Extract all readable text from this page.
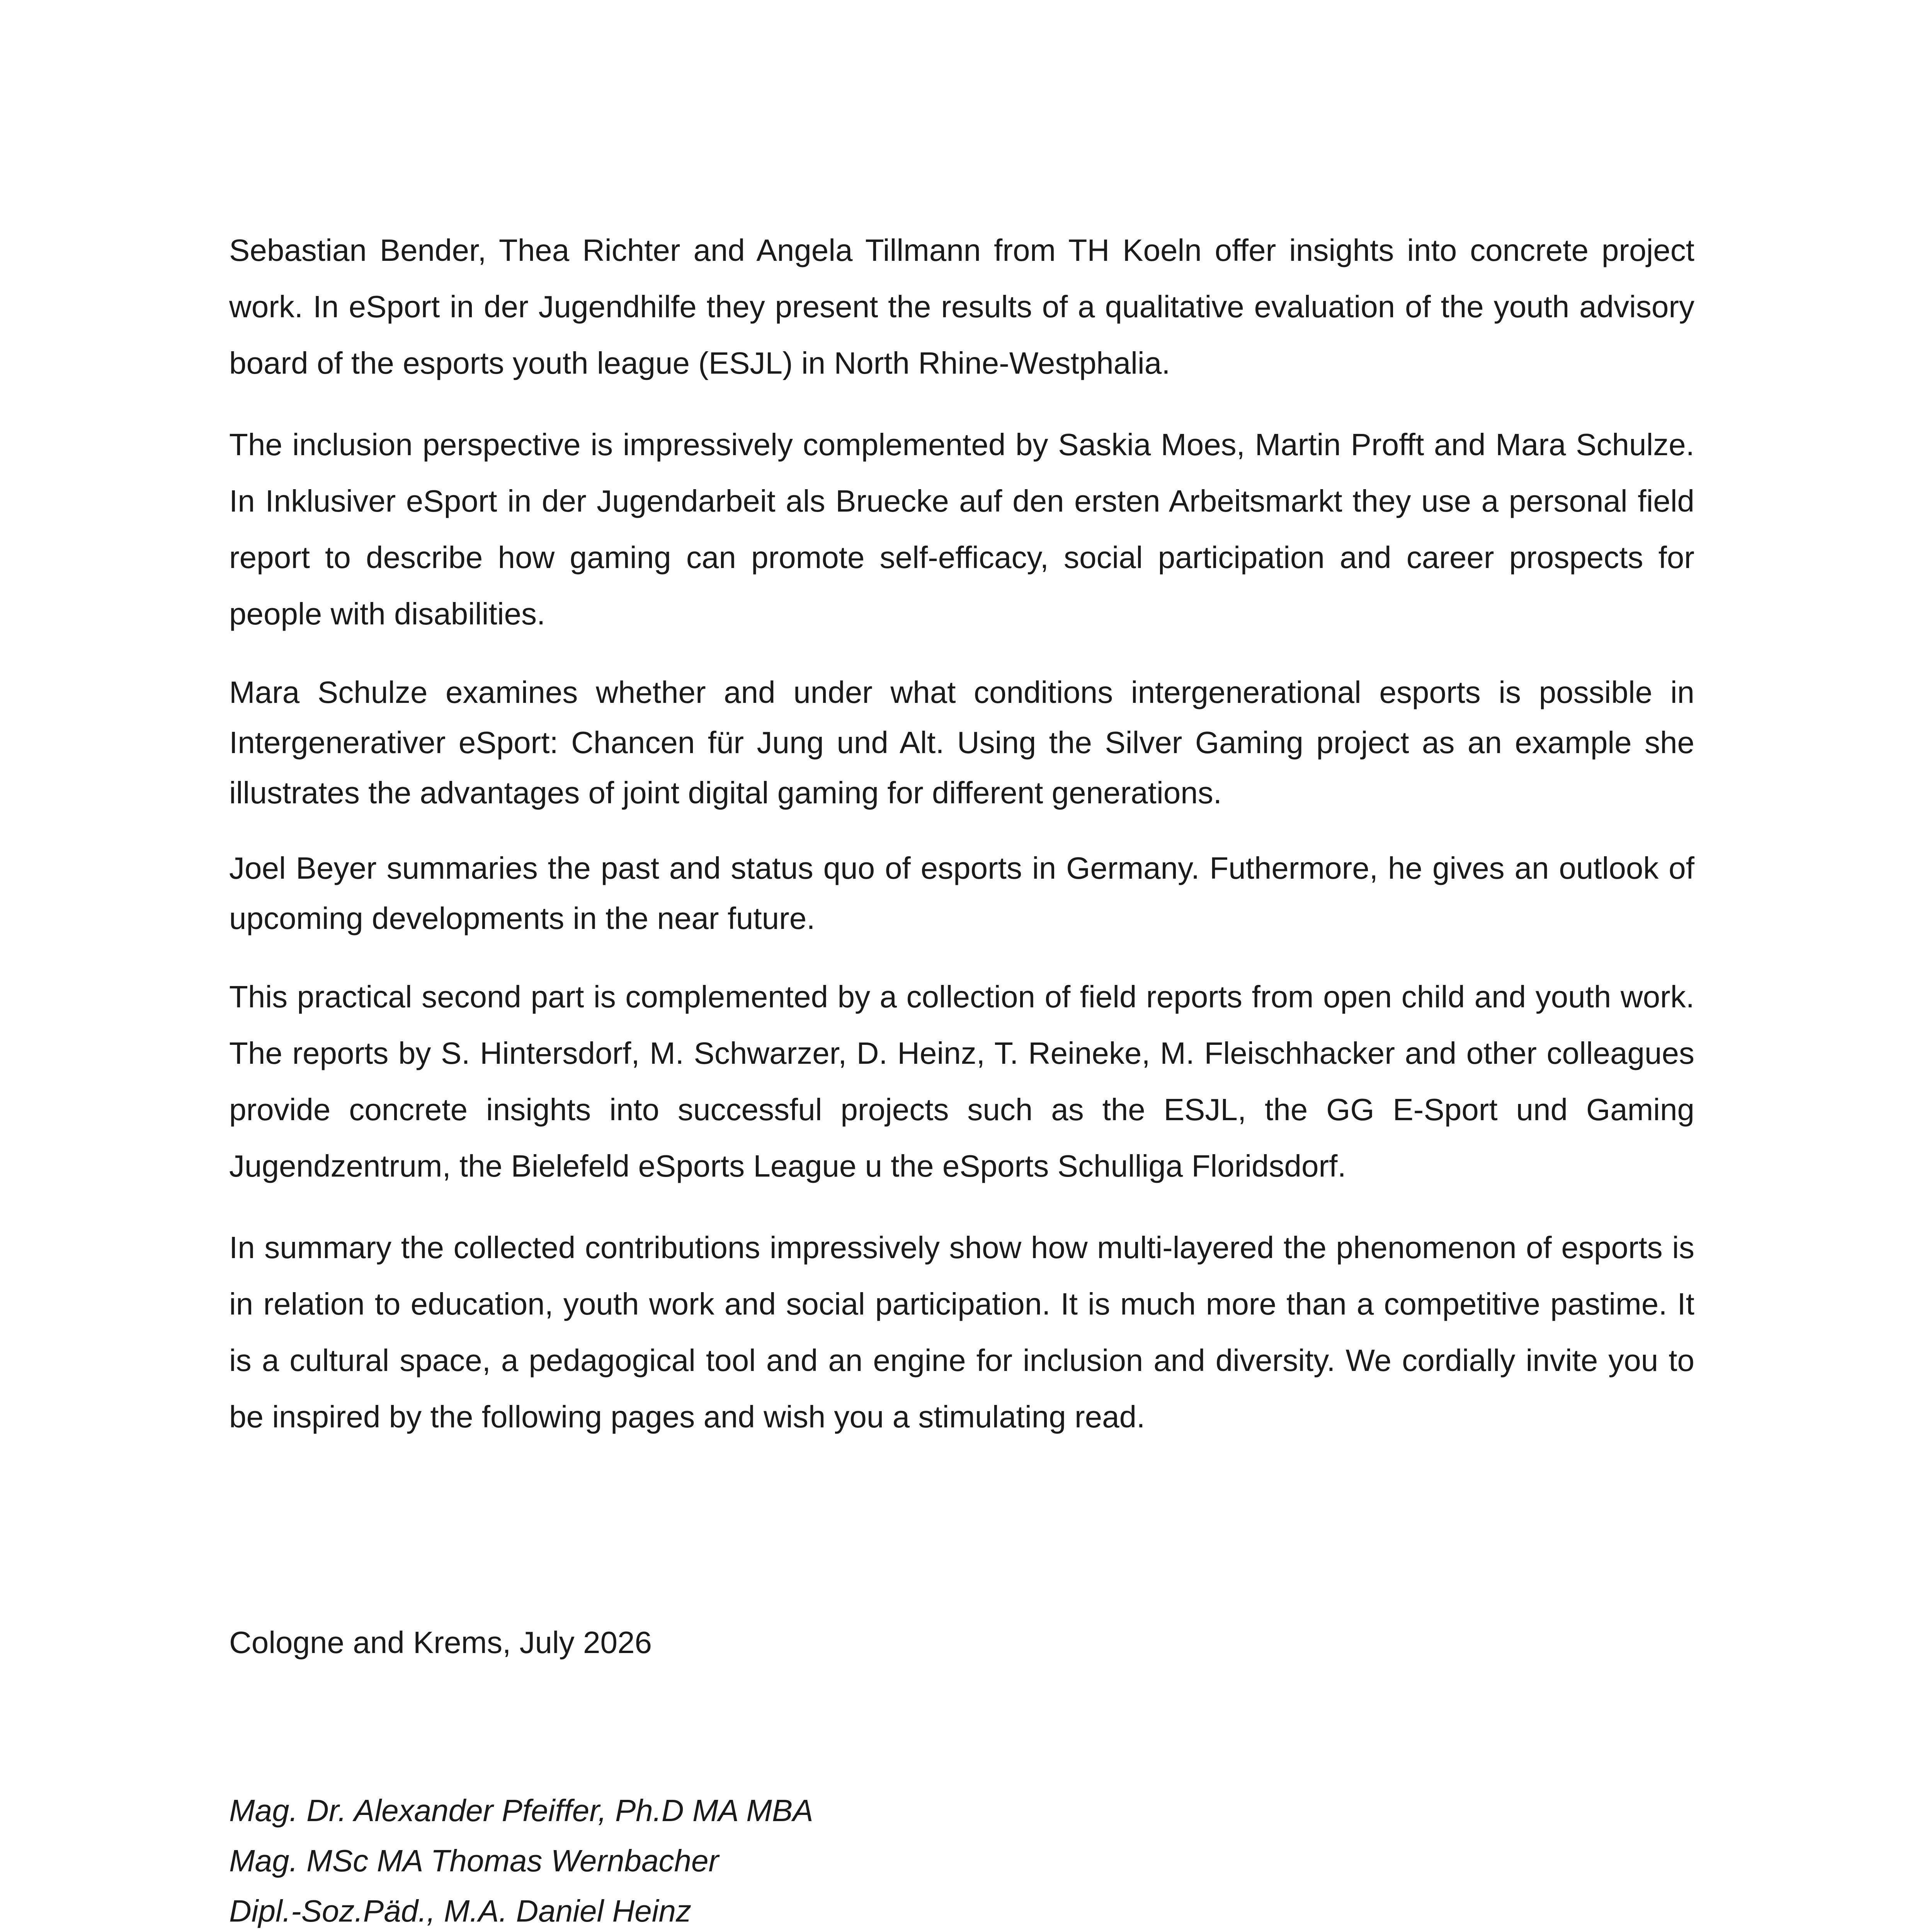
Sebastian Bender, Thea Richter and Angela Tillmann from TH Koeln offer insights into concrete project work. In eSport in der Jugendhilfe they present the results of a qualitative evaluation of the youth advisory board of the esports youth league (ESJL) in North Rhine-Westphalia.

The inclusion perspective is impressively complemented by Saskia Moes, Martin Profft and Mara Schulze. In Inklusiver eSport in der Jugendarbeit als Bruecke auf den ersten Arbeitsmarkt they use a personal field report to describe how gaming can promote self-efficacy, social participation and career prospects for people with disabilities.

Mara Schulze examines whether and under what conditions intergenerational esports is possible in Intergenerativer eSport: Chancen für Jung und Alt. Using the Silver Gaming project as an example she illustrates the advantages of joint digital gaming for different generations.

Joel Beyer summaries the past and status quo of esports in Germany. Futhermore, he gives an outlook of upcoming developments in the near future.

This practical second part is complemented by a collection of field reports from open child and youth work. The reports by S. Hintersdorf, M. Schwarzer, D. Heinz, T. Reineke, M. Fleischhacker and other colleagues provide concrete insights into successful projects such as the ESJL, the GG E-Sport und Gaming Jugendzentrum, the Bielefeld eSports League u the eSports Schulliga Floridsdorf.

In summary the collected contributions impressively show how multi-layered the phenomenon of esports is in relation to education, youth work and social participation. It is much more than a competitive pastime. It is a cultural space, a pedagogical tool and an engine for inclusion and diversity. We cordially invite you to be inspired by the following pages and wish you a stimulating read.

Cologne and Krems, July 2026

Mag. Dr. Alexander Pfeiffer, Ph.D MA MBA
Mag. MSc MA Thomas Wernbacher
Dipl.-Soz.Päd., M.A. Daniel Heinz
